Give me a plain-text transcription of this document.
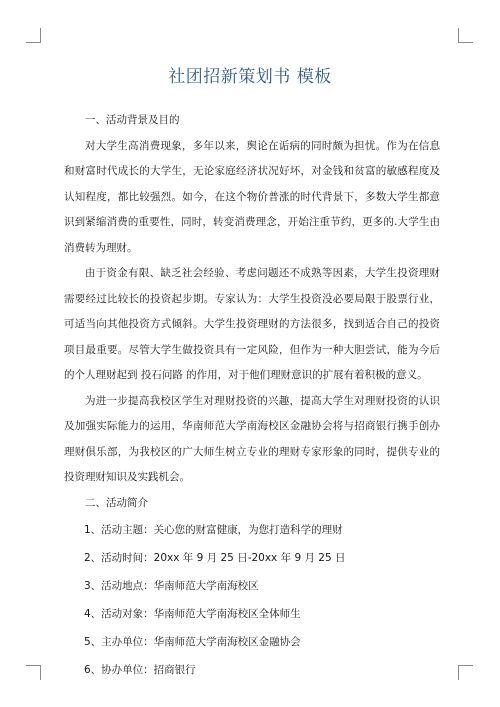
社团招新策划书 模板

一、活动背景及目的

对大学生高消费现象，多年以来，舆论在诟病的同时颇为担忧。作为在信息和财富时代成长的大学生，无论家庭经济状况好坏，对金钱和贫富的敏感程度及认知程度，都比较强烈。如今，在这个物价普涨的时代背景下，多数大学生都意识到紧缩消费的重要性，同时，转变消费理念，开始注重节约，更多的.大学生由消费转为理财。

由于资金有限、缺乏社会经验、考虑问题还不成熟等因素，大学生投资理财需要经过比较长的投资起步期。专家认为：大学生投资没必要局限于股票行业，可适当向其他投资方式倾斜。大学生投资理财的方法很多，找到适合自己的投资项目最重要。尽管大学生做投资具有一定风险，但作为一种大胆尝试，能为今后的个人理财起到 投石问路 的作用，对于他们理财意识的扩展有着积极的意义。

为进一步提高我校区学生对理财投资的兴趣，提高大学生对理财投资的认识及加强实际能力的运用，华南师范大学南海校区金融协会将与招商银行携手创办理财俱乐部，为我校区的广大师生树立专业的理财专家形象的同时，提供专业的投资理财知识及实践机会。

二、活动简介

1、活动主题：关心您的财富健康，为您打造科学的理财

2、活动时间：20xx 年 9 月 25 日-20xx 年 9 月 25 日

3、活动地点：华南师范大学南海校区

4、活动对象：华南师范大学南海校区全体师生

5、主办单位：华南师范大学南海校区金融协会

6、协办单位：招商银行
